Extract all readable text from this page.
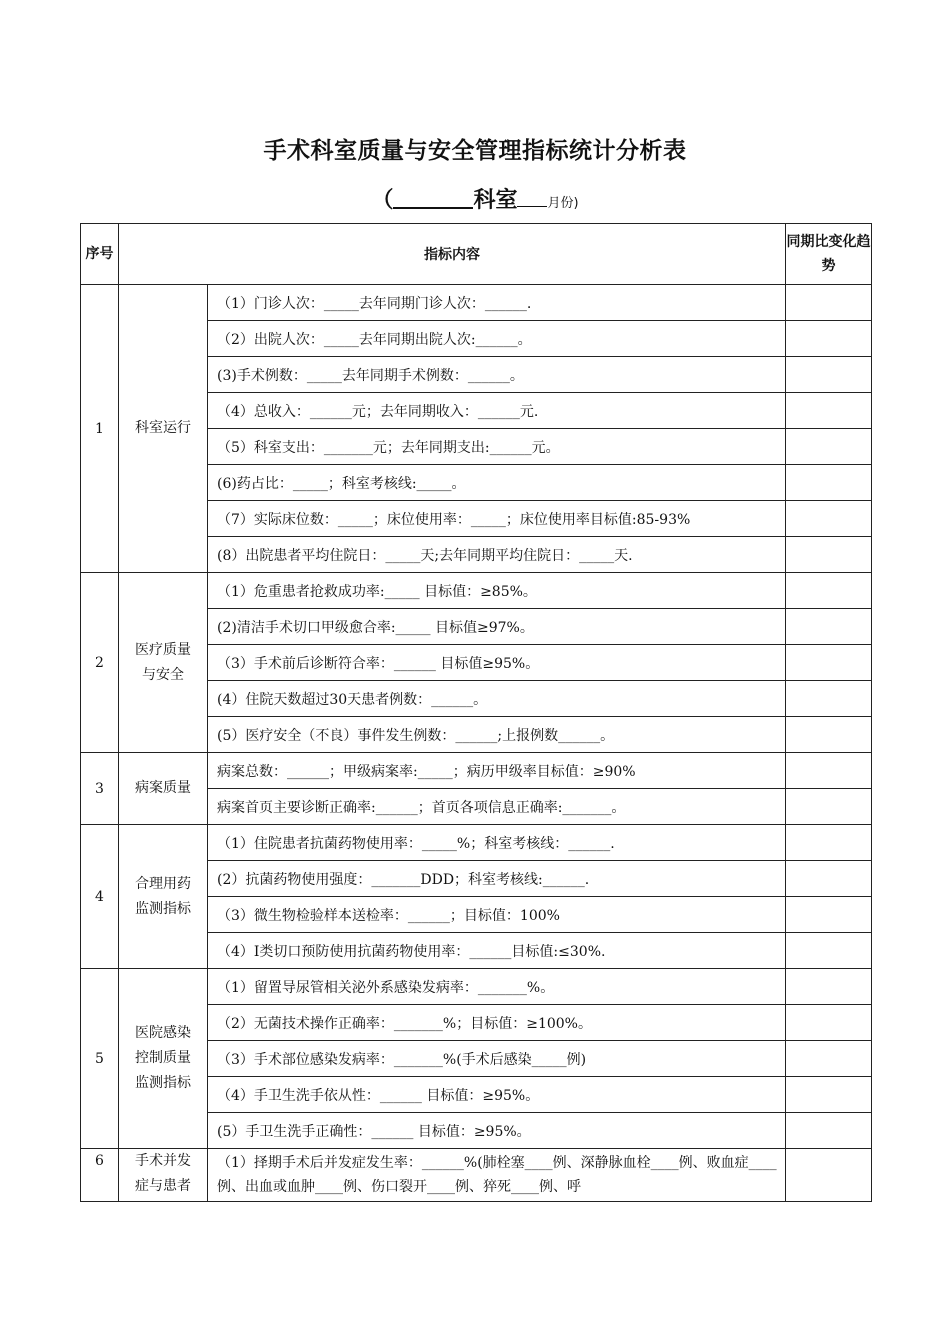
手术科室质量与安全管理指标统计分析表
（	科室 月份)
序号	指标内容		同期比变化趋势
1	科室运行	（1）门诊人次：_____去年同期门诊人次：______.	
		（2）出院人次：_____去年同期出院人次:______。	
		(3)手术例数：_____去年同期手术例数：______。	
		（4）总收入：______元；去年同期收入：______元.	
		（5）科室支出：_______元；去年同期支出:______元。	
		(6)药占比：_____；科室考核线:_____。	
		（7）实际床位数：_____；床位使用率：_____；床位使用率目标值:85-93%	
		(8）出院患者平均住院日：_____天;去年同期平均住院日：_____天.	
2	医疗质量与安全	（1）危重患者抢救成功率:_____ 目标值：≥85%。	
		(2)清洁手术切口甲级愈合率:_____ 目标值≥97%。	
		（3）手术前后诊断符合率：______ 目标值≥95%。	
		(4）住院天数超过30天患者例数：______。	
		(5）医疗安全（不良）事件发生例数：______;上报例数______。	
3	病案质量	病案总数：______；甲级病案率:_____；病历甲级率目标值：≥90%	
		病案首页主要诊断正确率:______；首页各项信息正确率:_______。	
4	合理用药监测指标	（1）住院患者抗菌药物使用率：_____%；科室考核线：______.	
		(2）抗菌药物使用强度：_______DDD；科室考核线:______.	
		（3）微生物检验样本送检率：______；目标值：100%	
		（4）Ⅰ类切口预防使用抗菌药物使用率：______目标值:≤30%.	
5	医院感染控制质量监测指标	（1）留置导尿管相关泌外系感染发病率：_______%。	
		（2）无菌技术操作正确率：_______%；目标值：≥100%。	
		（3）手术部位感染发病率：_______%(手术后感染_____例)	
		（4）手卫生洗手依从性：______ 目标值：≥95%。	
		(5）手卫生洗手正确性：______ 目标值：≥95%。	
6	手术并发症与患者	（1）择期手术后并发症发生率：______%(肺栓塞____例、深静脉血栓____例、败血症____例、出血或血肿____例、伤口裂开____例、猝死____例、呼	
